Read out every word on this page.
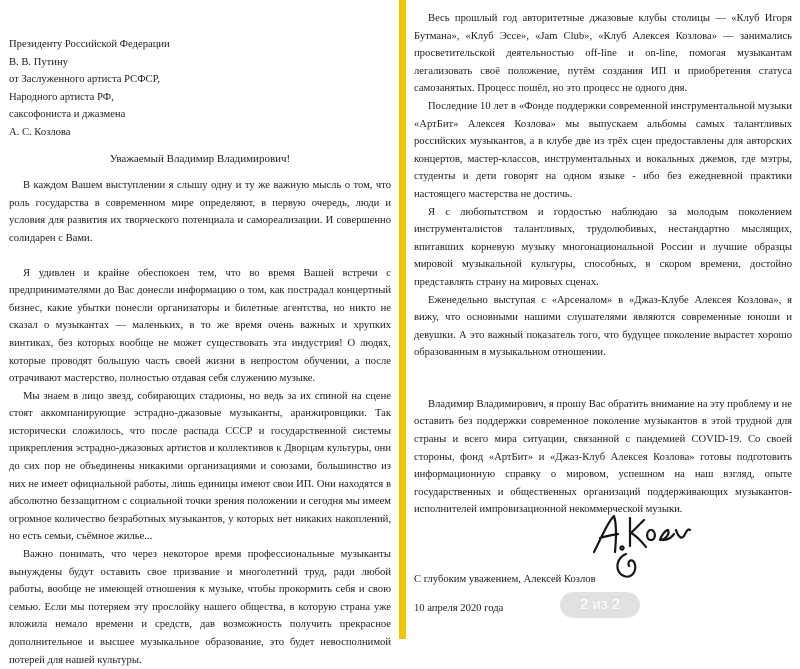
Президенту Российской Федерации
В. В. Путину
от Заслуженного артиста РСФСР,
Народного артиста РФ,
саксофониста и джазмена
А. С. Козлова
Уважаемый Владимир Владимирович!

В каждом Вашем выступлении я слышу одну и ту же важную мысль о том, что роль государства в современном мире определяют, в первую очередь, люди и условия для развития их творческого потенциала и самореализации. И совершенно солидарен с Вами.

Я удивлен и крайне обеспокоен тем, что во время Вашей встречи с предпринимателями до Вас донесли информацию о том, как пострадал концертный бизнес, какие убытки понесли организаторы и билетные агентства, но никто не сказал о музыкантах — маленьких, в то же время очень важных и хрупких винтиках, без которых вообще не может существовать эта индустрия! О людях, которые проводят большую часть своей жизни в непростом обучении, а после отрачивают мастерство, полностью отдавая себя служению музыке.

Мы знаем в лицо звезд, собирающих стадионы, но ведь за их спиной на сцене стоят аккомпанирующие эстрадно-джазовые музыканты, аранжировщики. Так исторически сложилось, что после распада СССР и государственной системы прикрепления эстрадно-джазовых артистов и коллективов к Дворцам культуры, они до сих пор не объединены никакими организациями и союзами, большинство из них не имеет официальной работы, лишь единицы имеют свои ИП. Они находятся в абсолютно беззащитном с социальной точки зрения положении и сегодня мы имеем огромное количество безработных музыкантов, у которых нет никаких накоплений, но есть семьи, съёмное жилье...

Важно понимать, что через некоторое время профессиональные музыканты вынуждены будут оставить свое призвание и многолетний труд, ради любой работы, вообще не имеющей отношения к музыке, чтобы прокормить себя и свою семью. Если мы потеряем эту прослойку нашего общества, в которую страна уже вложила немало времени и средств, дав возможность получить прекрасное дополнительное и высшее музыкальное образование, это будет невосполнимой потерей для нашей культуры.

Весь прошлый год авторитетные джазовые клубы столицы — «Клуб Игоря Бутмана», «Клуб Эссе», «Jam Club», «Клуб Алексея Козлова» — занимались просветительской деятельностью off-line и on-line, помогая музыкантам легализовать своё положение, путём создания ИП и приобретения статуса самозанятых. Процесс пошёл, но это процесс не одного дня.

Последние 10 лет в «Фонде поддержки современной инструментальной музыки «АртБит» Алексея Козлова» мы выпускаем альбомы самых талантливых российских музыкантов, а в клубе две из трёх сцен предоставлены для авторских концертов, мастер-классов, инструментальных и вокальных джемов, где мэтры, студенты и дети говорят на одном языке - ибо без ежедневной практики настоящего мастерства не достичь.

Я с любопытством и гордостью наблюдаю за молодым поколением инструменталистов талантливых, трудолюбивых, нестандартно мыслящих, впитавших корневую музыку многонациональной России и лучшие образцы мировой музыкальной культуры, способных, в скором времени, достойно представлять страну на мировых сценах.

Еженедельно выступая с «Арсеналом» в «Джаз-Клубе Алексея Козлова», я вижу, что основными нашими слушателями являются современные юноши и девушки. А это важный показатель того, что будущее поколение вырастет хорошо образованным в музыкальном отношении.

Владимир Владимирович, я прошу Вас обратить внимание на эту проблему и не оставить без поддержки современное поколение музыкантов в этой трудной для страны и всего мира ситуации, связанной с пандемией COVID-19. Со своей стороны, фонд «АртБит» и «Джаз-Клуб Алексея Козлова» готовы подготовить информационную справку о мировом, успешном на наш взгляд, опыте государственных и общественных организаций поддерживающих музыкантов-исполнителей импровизационной некоммерческой музыки.

С глубоким уважением, Алексей Козлов
10 апреля 2020 года	2 из 2
